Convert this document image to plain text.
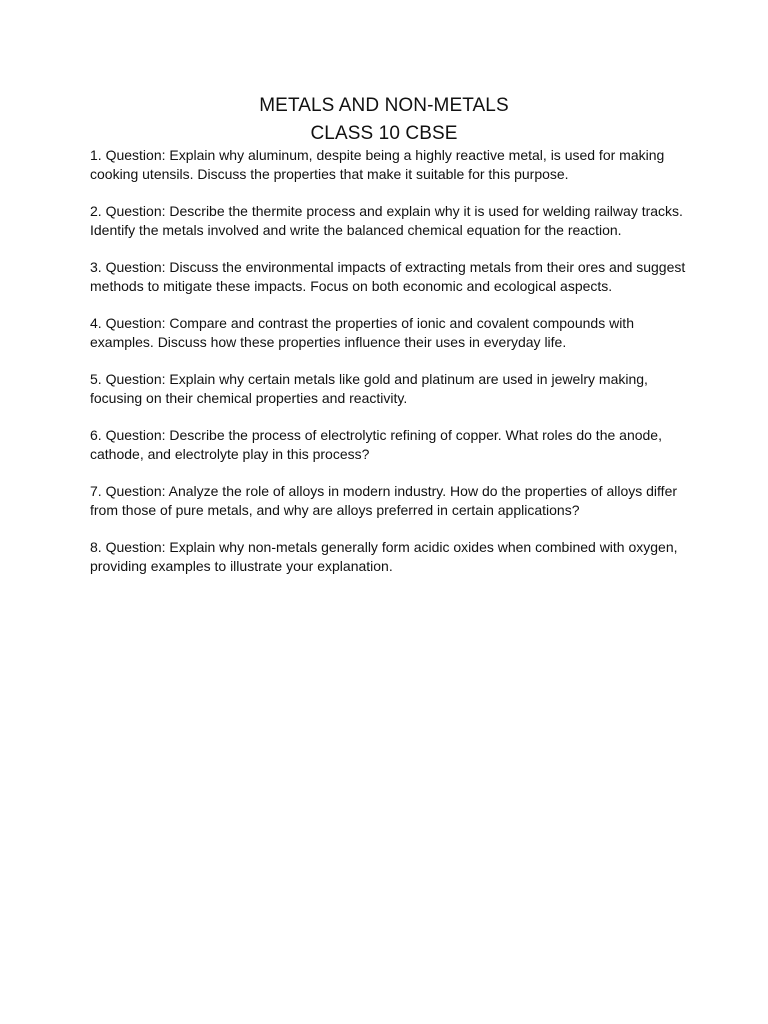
METALS AND NON-METALS
CLASS 10 CBSE
1. Question: Explain why aluminum, despite being a highly reactive metal, is used for making cooking utensils. Discuss the properties that make it suitable for this purpose.
2. Question: Describe the thermite process and explain why it is used for welding railway tracks. Identify the metals involved and write the balanced chemical equation for the reaction.
3. Question: Discuss the environmental impacts of extracting metals from their ores and suggest methods to mitigate these impacts. Focus on both economic and ecological aspects.
4. Question: Compare and contrast the properties of ionic and covalent compounds with examples. Discuss how these properties influence their uses in everyday life.
5. Question: Explain why certain metals like gold and platinum are used in jewelry making, focusing on their chemical properties and reactivity.
6. Question: Describe the process of electrolytic refining of copper. What roles do the anode, cathode, and electrolyte play in this process?
7. Question: Analyze the role of alloys in modern industry. How do the properties of alloys differ from those of pure metals, and why are alloys preferred in certain applications?
8. Question: Explain why non-metals generally form acidic oxides when combined with oxygen, providing examples to illustrate your explanation.
